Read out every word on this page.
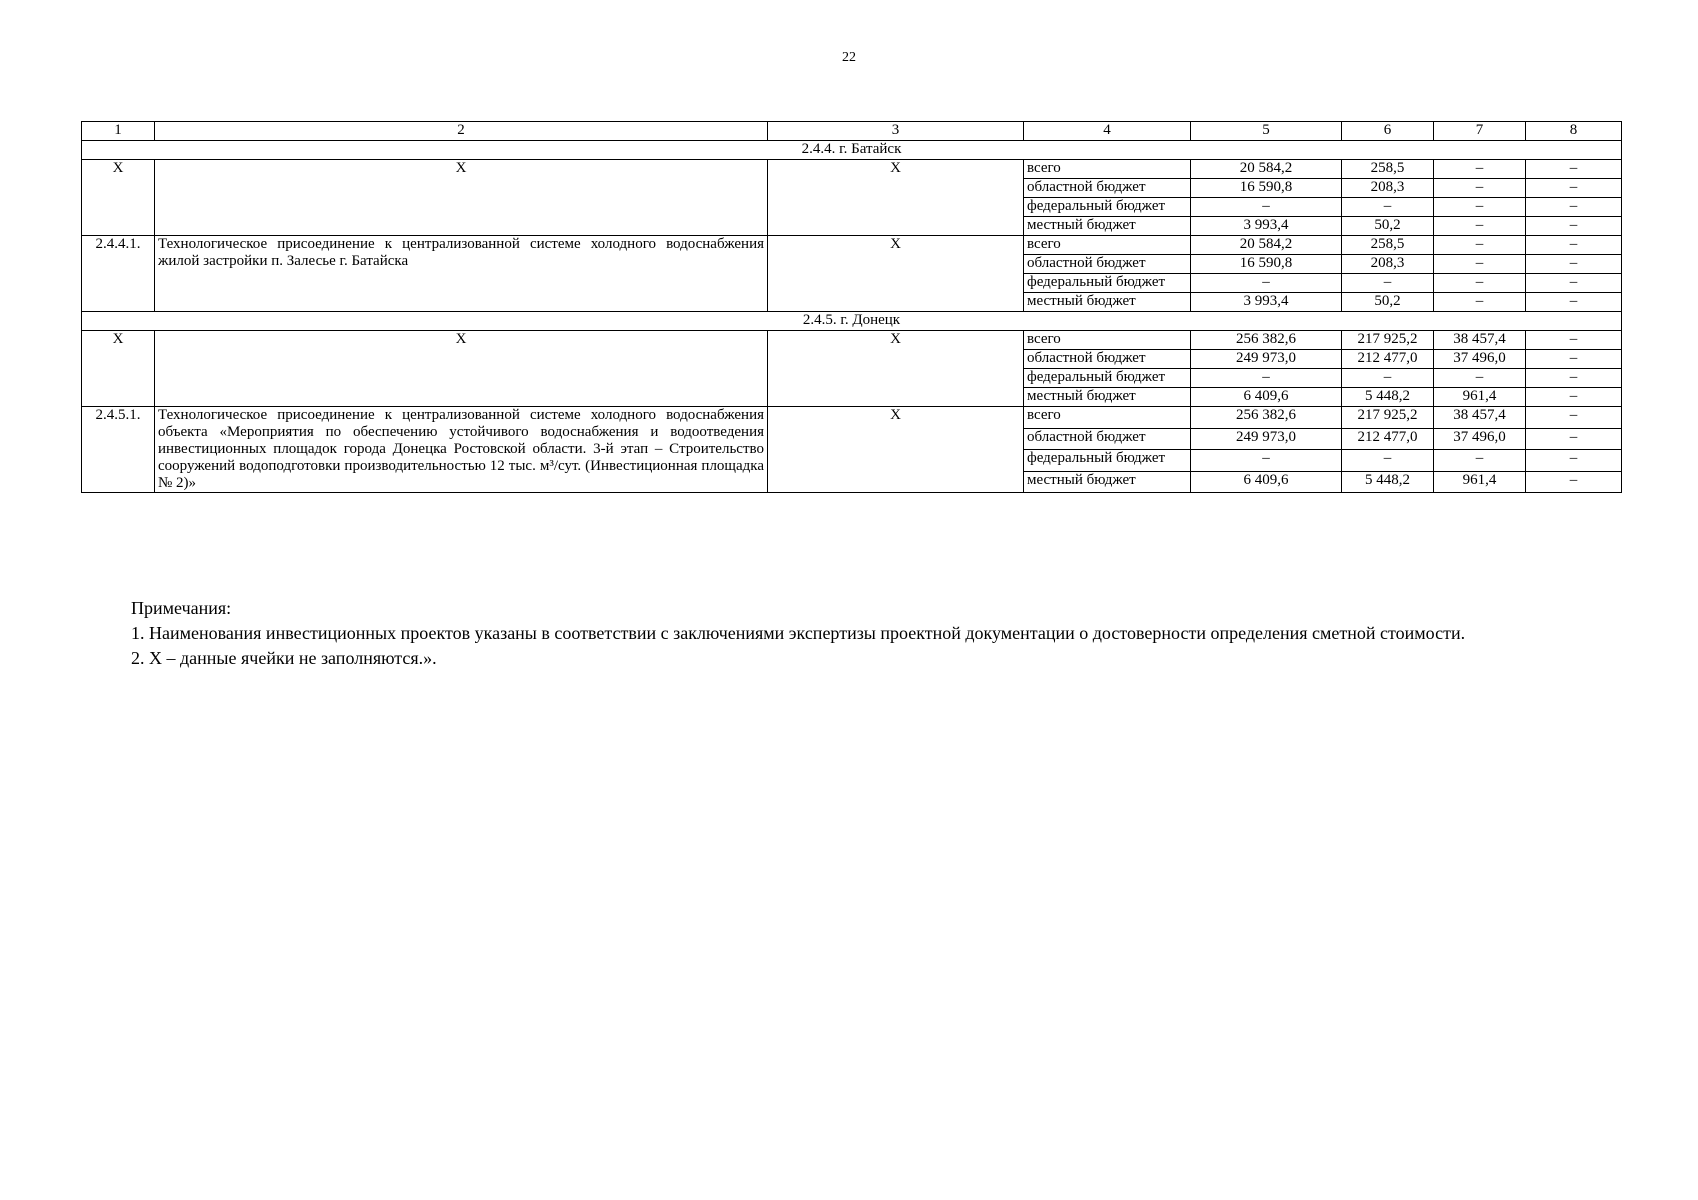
22
1	2	3	4	5	6	7	8
2.4.4. г. Батайск							
X	X	X	всего	20 584,2	258,5	–	–
			областной бюджет	16 590,8	208,3	–	–
			федеральный бюджет	–	–	–	–
			местный бюджет	3 993,4	50,2	–	–
2.4.4.1.	Технологическое присоединение к централизованной системе холодного водоснабжения жилой застройки п. Залесье г. Батайска	X	всего	20 584,2	258,5	–	–
			областной бюджет	16 590,8	208,3	–	–
			федеральный бюджет	–	–	–	–
			местный бюджет	3 993,4	50,2	–	–
2.4.5. г. Донецк							
X	X	X	всего	256 382,6	217 925,2	38 457,4	–
			областной бюджет	249 973,0	212 477,0	37 496,0	–
			федеральный бюджет	–	–	–	–
			местный бюджет	6 409,6	5 448,2	961,4	–
2.4.5.1.	Технологическое присоединение к централизованной системе холодного водоснабжения объекта «Мероприятия по обеспечению устойчивого водоснабжения и водоотведения инвестиционных площадок города Донецка Ростовской области. 3-й этап – Строительство сооружений водоподготовки производительностью 12 тыс. м³/сут. (Инвестиционная площадка № 2)»	X	всего	256 382,6	217 925,2	38 457,4	–
			областной бюджет	249 973,0	212 477,0	37 496,0	–
			федеральный бюджет	–	–	–	–
			местный бюджет	6 409,6	5 448,2	961,4	–
Примечания:
1. Наименования инвестиционных проектов указаны в соответствии с заключениями экспертизы проектной документации о достоверности определения сметной стоимости.
2. X – данные ячейки не заполняются.».
